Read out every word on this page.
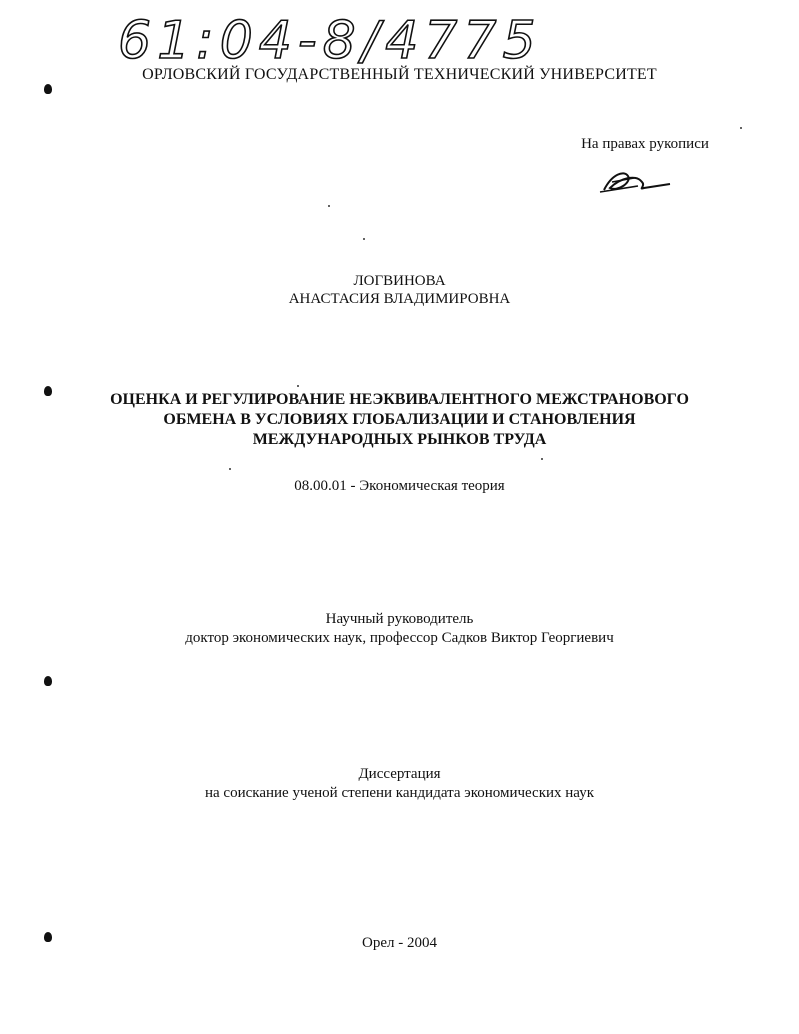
61:04-8/4775
ОРЛОВСКИЙ ГОСУДАРСТВЕННЫЙ ТЕХНИЧЕСКИЙ УНИВЕРСИТЕТ
На правах рукописи
ЛОГВИНОВА
АНАСТАСИЯ ВЛАДИМИРОВНА
ОЦЕНКА И РЕГУЛИРОВАНИЕ НЕЭКВИВАЛЕНТНОГО МЕЖСТРАНОВОГО
ОБМЕНА В УСЛОВИЯХ ГЛОБАЛИЗАЦИИ И СТАНОВЛЕНИЯ
МЕЖДУНАРОДНЫХ РЫНКОВ ТРУДА
08.00.01 - Экономическая теория
Научный руководитель
доктор экономических наук, профессор Садков Виктор Георгиевич
Диссертация
на соискание ученой степени кандидата экономических наук
Орел - 2004
